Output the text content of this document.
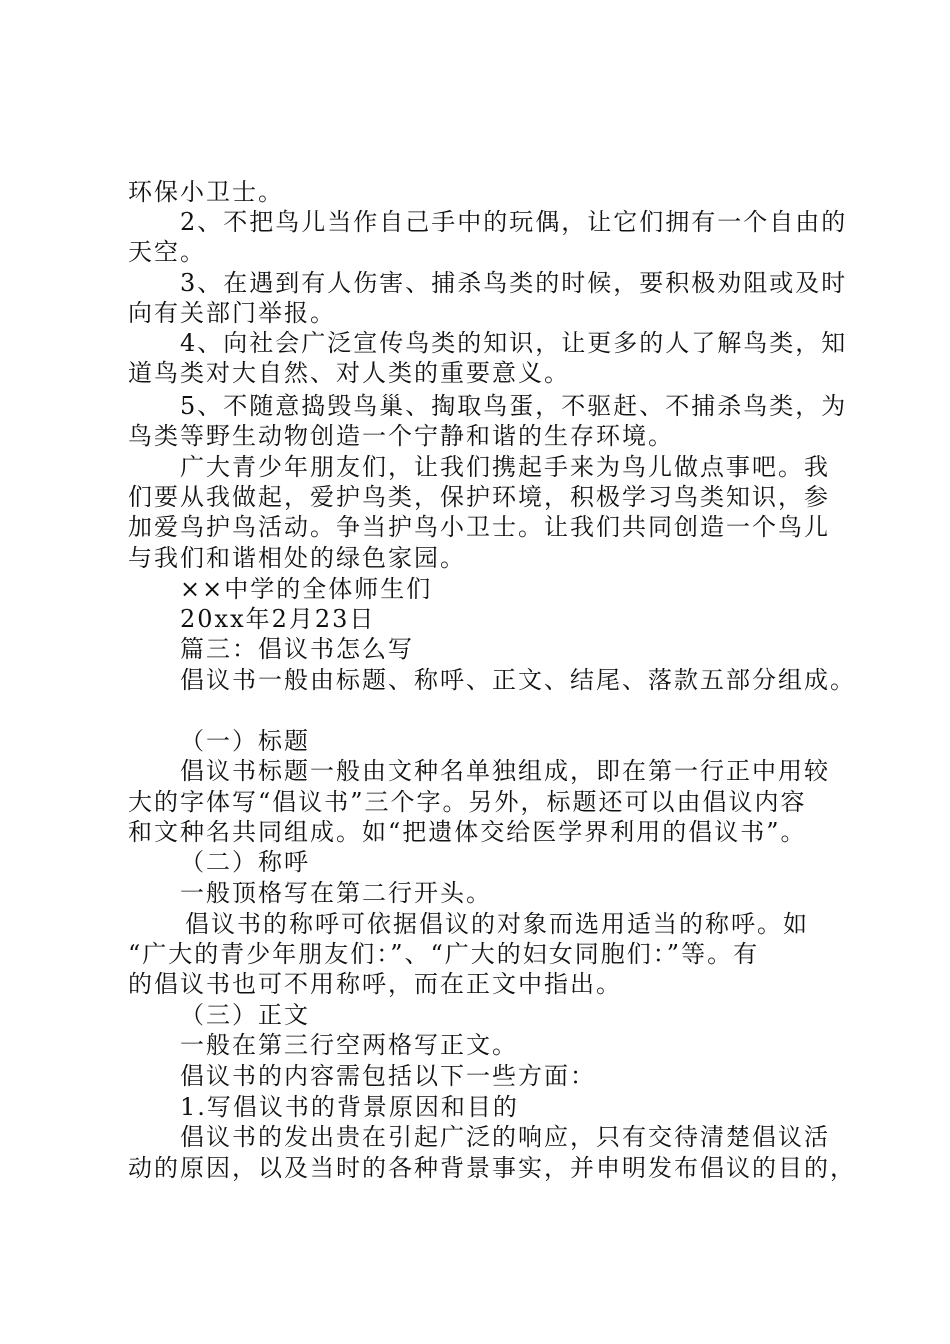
环保小卫士。
2、不把鸟儿当作自己手中的玩偶，让它们拥有一个自由的
天空。
3、在遇到有人伤害、捕杀鸟类的时候，要积极劝阻或及时
向有关部门举报。
4、向社会广泛宣传鸟类的知识，让更多的人了解鸟类，知
道鸟类对大自然、对人类的重要意义。
5、不随意捣毁鸟巢、掏取鸟蛋，不驱赶、不捕杀鸟类，为
鸟类等野生动物创造一个宁静和谐的生存环境。
广大青少年朋友们，让我们携起手来为鸟儿做点事吧。我
们要从我做起，爱护鸟类，保护环境，积极学习鸟类知识，参
加爱鸟护鸟活动。争当护鸟小卫士。让我们共同创造一个鸟儿
与我们和谐相处的绿色家园。
××中学的全体师生们
20xx年2月23日
篇三：倡议书怎么写
倡议书一般由标题、称呼、正文、结尾、落款五部分组成。
（一）标题
倡议书标题一般由文种名单独组成，即在第一行正中用较
大的字体写“倡议书”三个字。另外，标题还可以由倡议内容
和文种名共同组成。如“把遗体交给医学界利用的倡议书”。
（二）称呼
一般顶格写在第二行开头。
倡议书的称呼可依据倡议的对象而选用适当的称呼。如
“广大的青少年朋友们：”、“广大的妇女同胞们：”等。有
的倡议书也可不用称呼，而在正文中指出。
（三）正文
一般在第三行空两格写正文。
倡议书的内容需包括以下一些方面：
1.写倡议书的背景原因和目的
倡议书的发出贵在引起广泛的响应，只有交待清楚倡议活
动的原因，以及当时的各种背景事实，并申明发布倡议的目的，
